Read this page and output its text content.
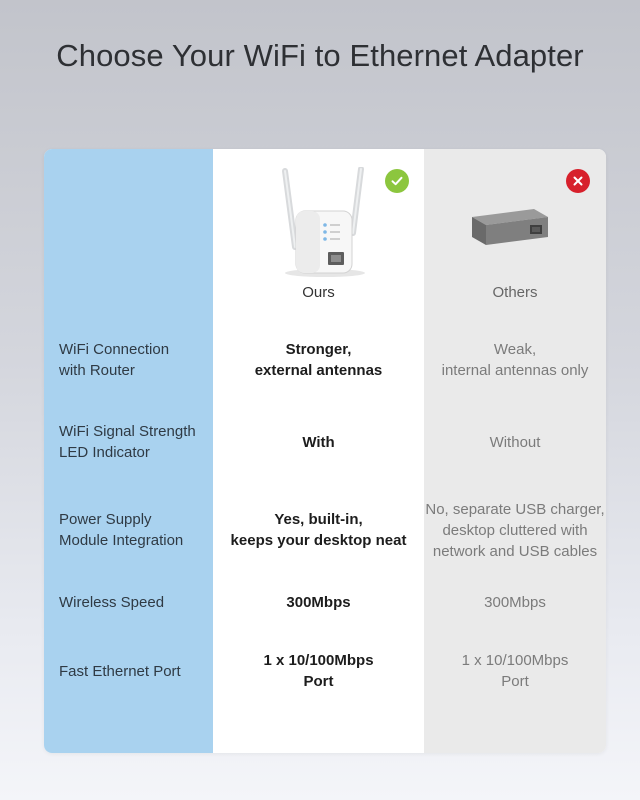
Choose Your WiFi to Ethernet Adapter
WiFi Connection
with Router
WiFi Signal Strength
LED Indicator
Power Supply
Module Integration
Wireless Speed
Fast Ethernet Port
Ours
Stronger,
external antennas
With
Yes, built-in,
keeps your desktop neat
300Mbps
1 x 10/100Mbps
Port
Others
Weak,
internal antennas only
Without
No, separate USB charger,
desktop cluttered with
network and USB cables
300Mbps
1 x 10/100Mbps
Port
